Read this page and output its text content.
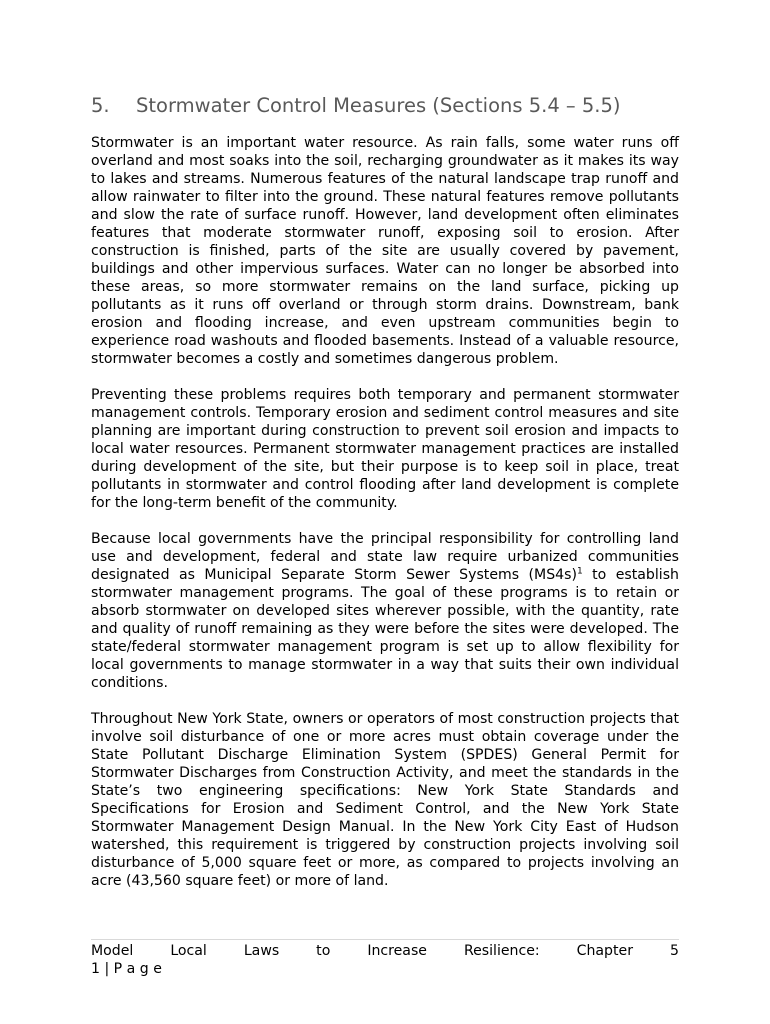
5. Stormwater Control Measures (Sections 5.4 – 5.5)

Stormwater is an important water resource. As rain falls, some water runs off overland and most soaks into the soil, recharging groundwater as it makes its way to lakes and streams. Numerous features of the natural landscape trap runoff and allow rainwater to filter into the ground. These natural features remove pollutants and slow the rate of surface runoff. However, land development often eliminates features that moderate stormwater runoff, exposing soil to erosion. After construction is finished, parts of the site are usually covered by pavement, buildings and other impervious surfaces. Water can no longer be absorbed into these areas, so more stormwater remains on the land surface, picking up pollutants as it runs off overland or through storm drains. Downstream, bank erosion and flooding increase, and even upstream communities begin to experience road washouts and flooded basements. Instead of a valuable resource, stormwater becomes a costly and sometimes dangerous problem.

Preventing these problems requires both temporary and permanent stormwater management controls. Temporary erosion and sediment control measures and site planning are important during construction to prevent soil erosion and impacts to local water resources. Permanent stormwater management practices are installed during development of the site, but their purpose is to keep soil in place, treat pollutants in stormwater and control flooding after land development is complete for the long-term benefit of the community.

Because local governments have the principal responsibility for controlling land use and development, federal and state law require urbanized communities designated as Municipal Separate Storm Sewer Systems $(MS4s)^1$ to establish stormwater management programs. The goal of these programs is to retain or absorb stormwater on developed sites wherever possible, with the quantity, rate and quality of runoff remaining as they were before the sites were developed. The state/federal stormwater management program is set up to allow flexibility for local governments to manage stormwater in a way that suits their own individual conditions.

Throughout New York State, owners or operators of most construction projects that involve soil disturbance of one or more acres must obtain coverage under the State Pollutant Discharge Elimination System (SPDES) General Permit for Stormwater Discharges from Construction Activity, and meet the standards in the State’s two engineering specifications: New York State Standards and Specifications for Erosion and Sediment Control, and the New York State Stormwater Management Design Manual. In the New York City East of Hudson watershed, this requirement is triggered by construction projects involving soil disturbance of 5,000 square feet or more, as compared to projects involving an acre (43,560 square feet) or more of land.

Model	Local	Laws	to	Increase	Resilience:	Chapter	5
1 | P a g e
